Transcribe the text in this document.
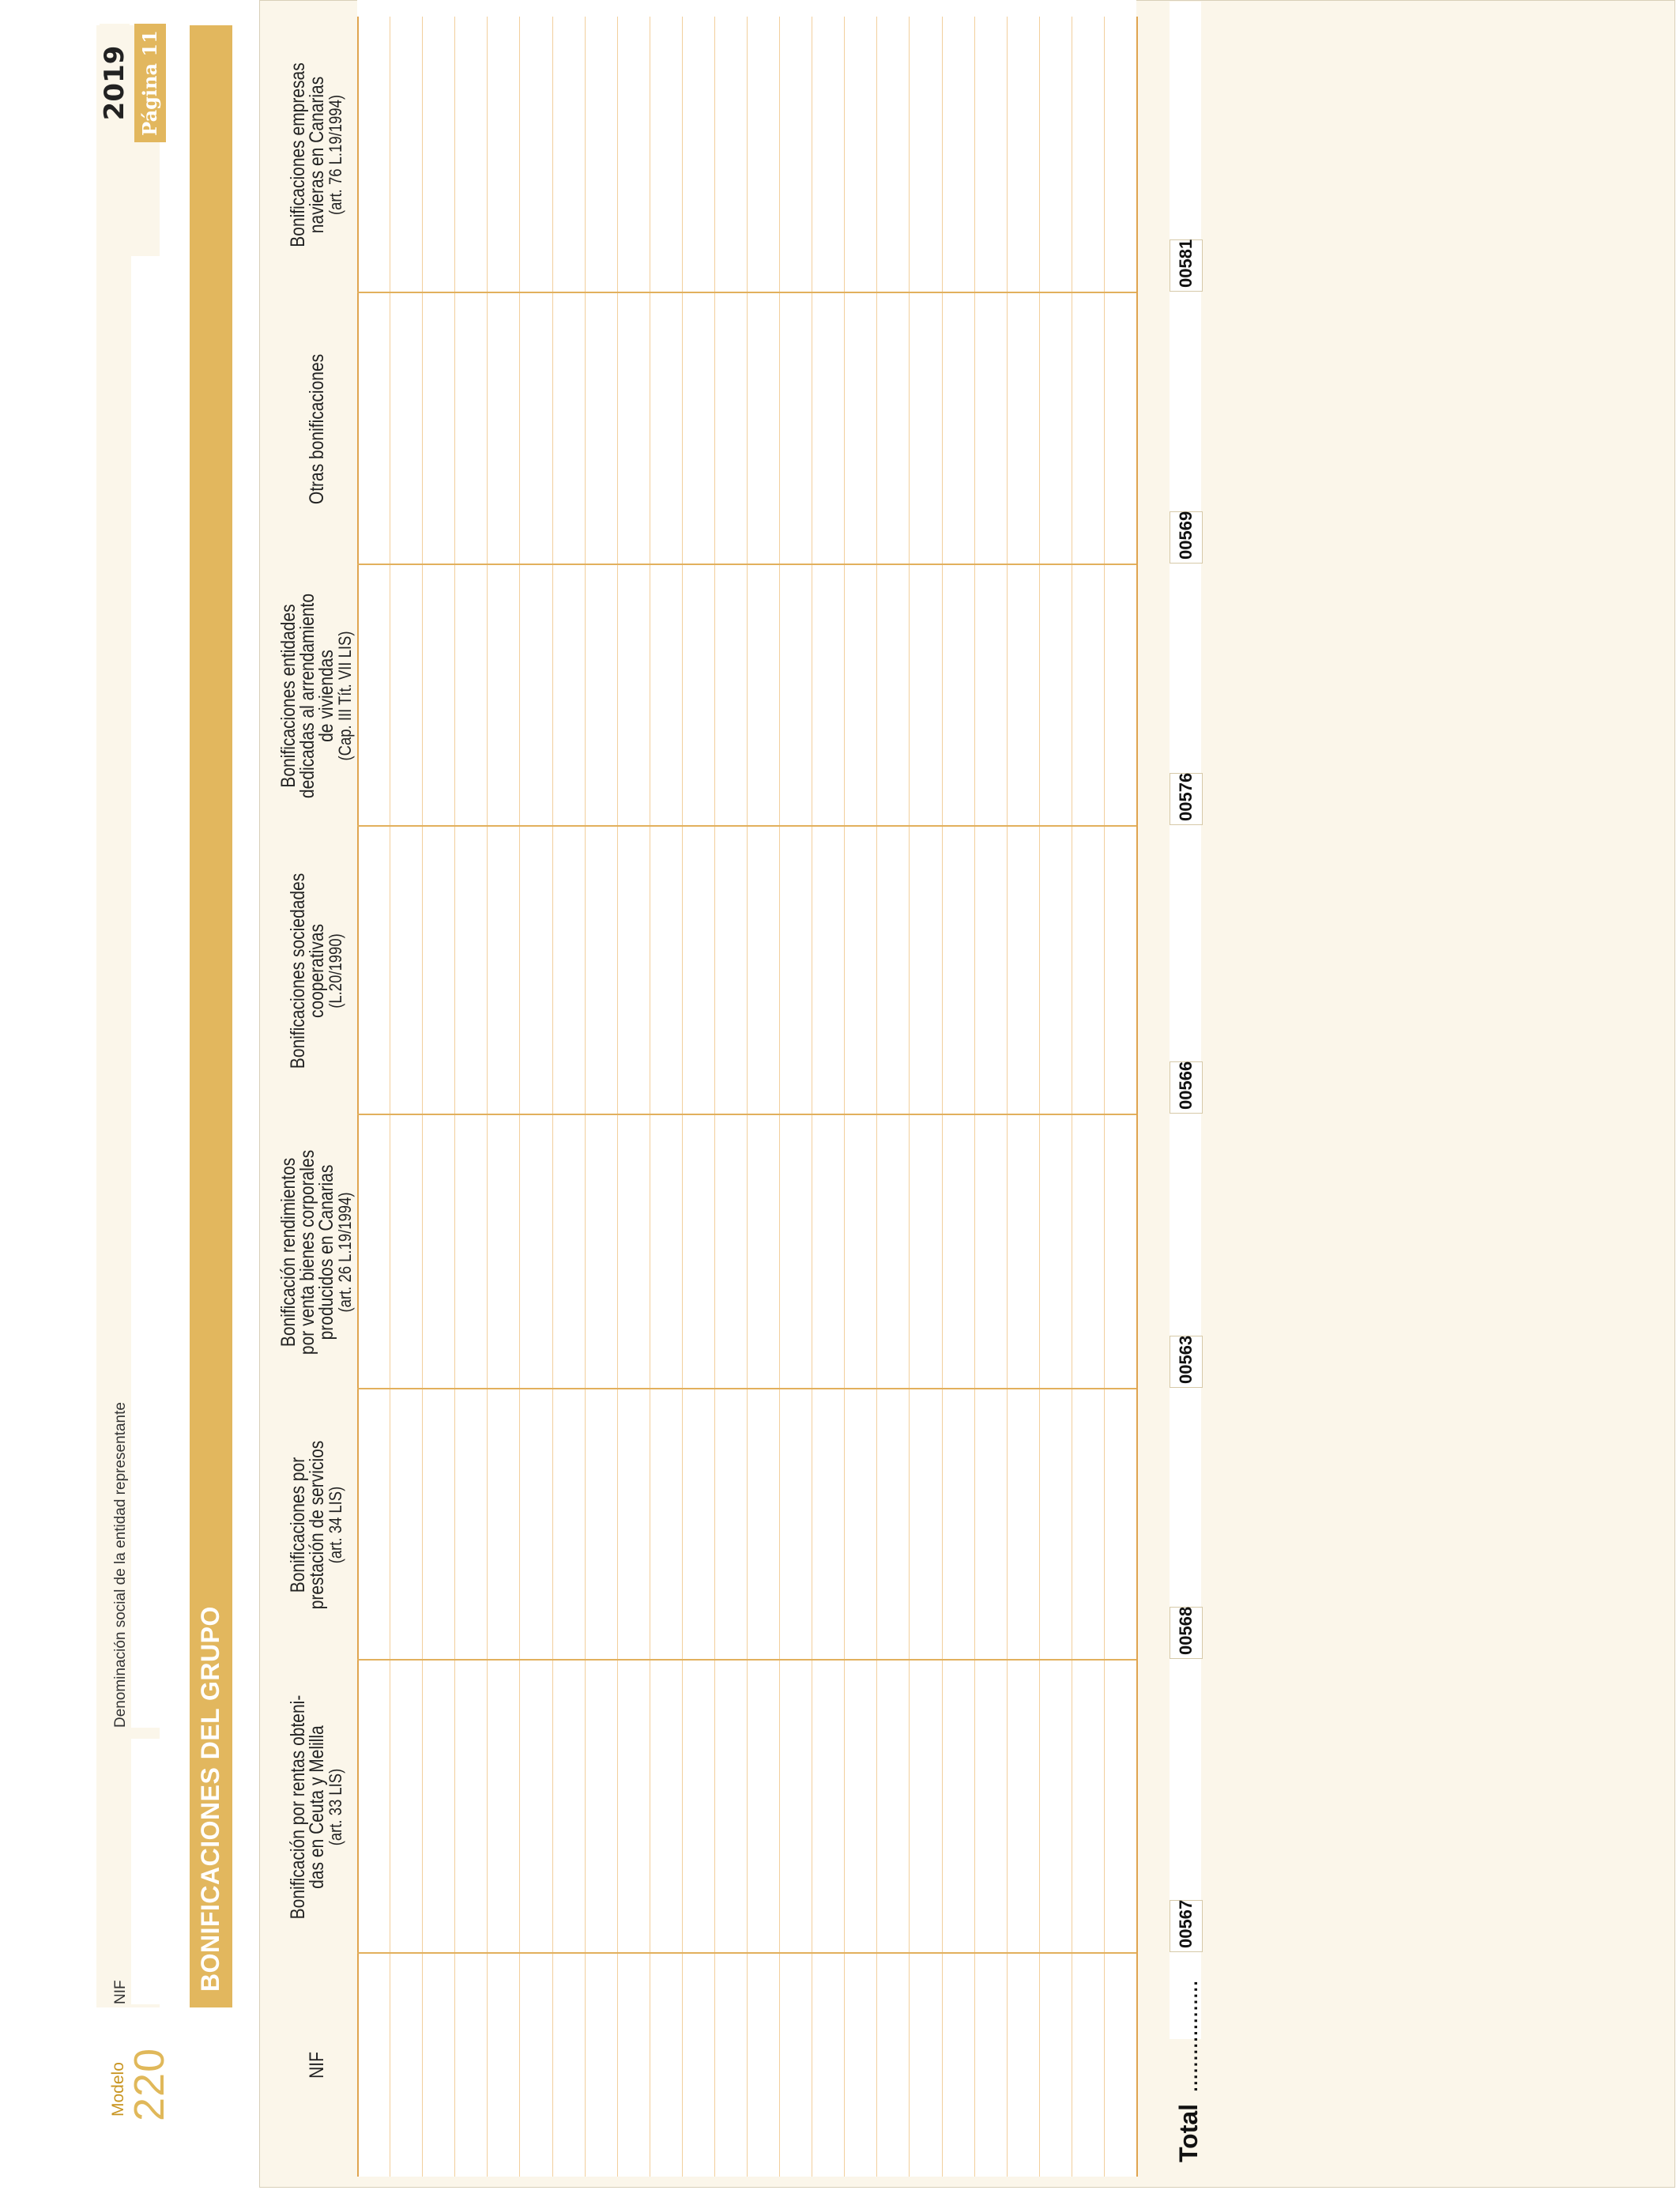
Modelo
220
NIF
Denominación social de la entidad representante
2019 Página 11
BONIFICACIONES DEL GRUPO
NIF
Bonificación por rentas obteni-
das en Ceuta y Melilla
(art. 33 LIS)
Bonificaciones por
prestación de servicios
(art. 34 LIS)
Bonificación rendimientos
por venta bienes corporales
producidos en Canarias
(art. 26 L.19/1994)
Bonificaciones sociedades
cooperativas
(L.20/1990)
Bonificaciones entidades
dedicadas al arrendamiento
de viviendas
(Cap. III Tít. VII LIS)
Otras bonificaciones
Bonificaciones empresas
navieras en Canarias
(art. 76 L.19/1994)
Total
..................
00567
00568
00563
00566
00576
00569
00581
